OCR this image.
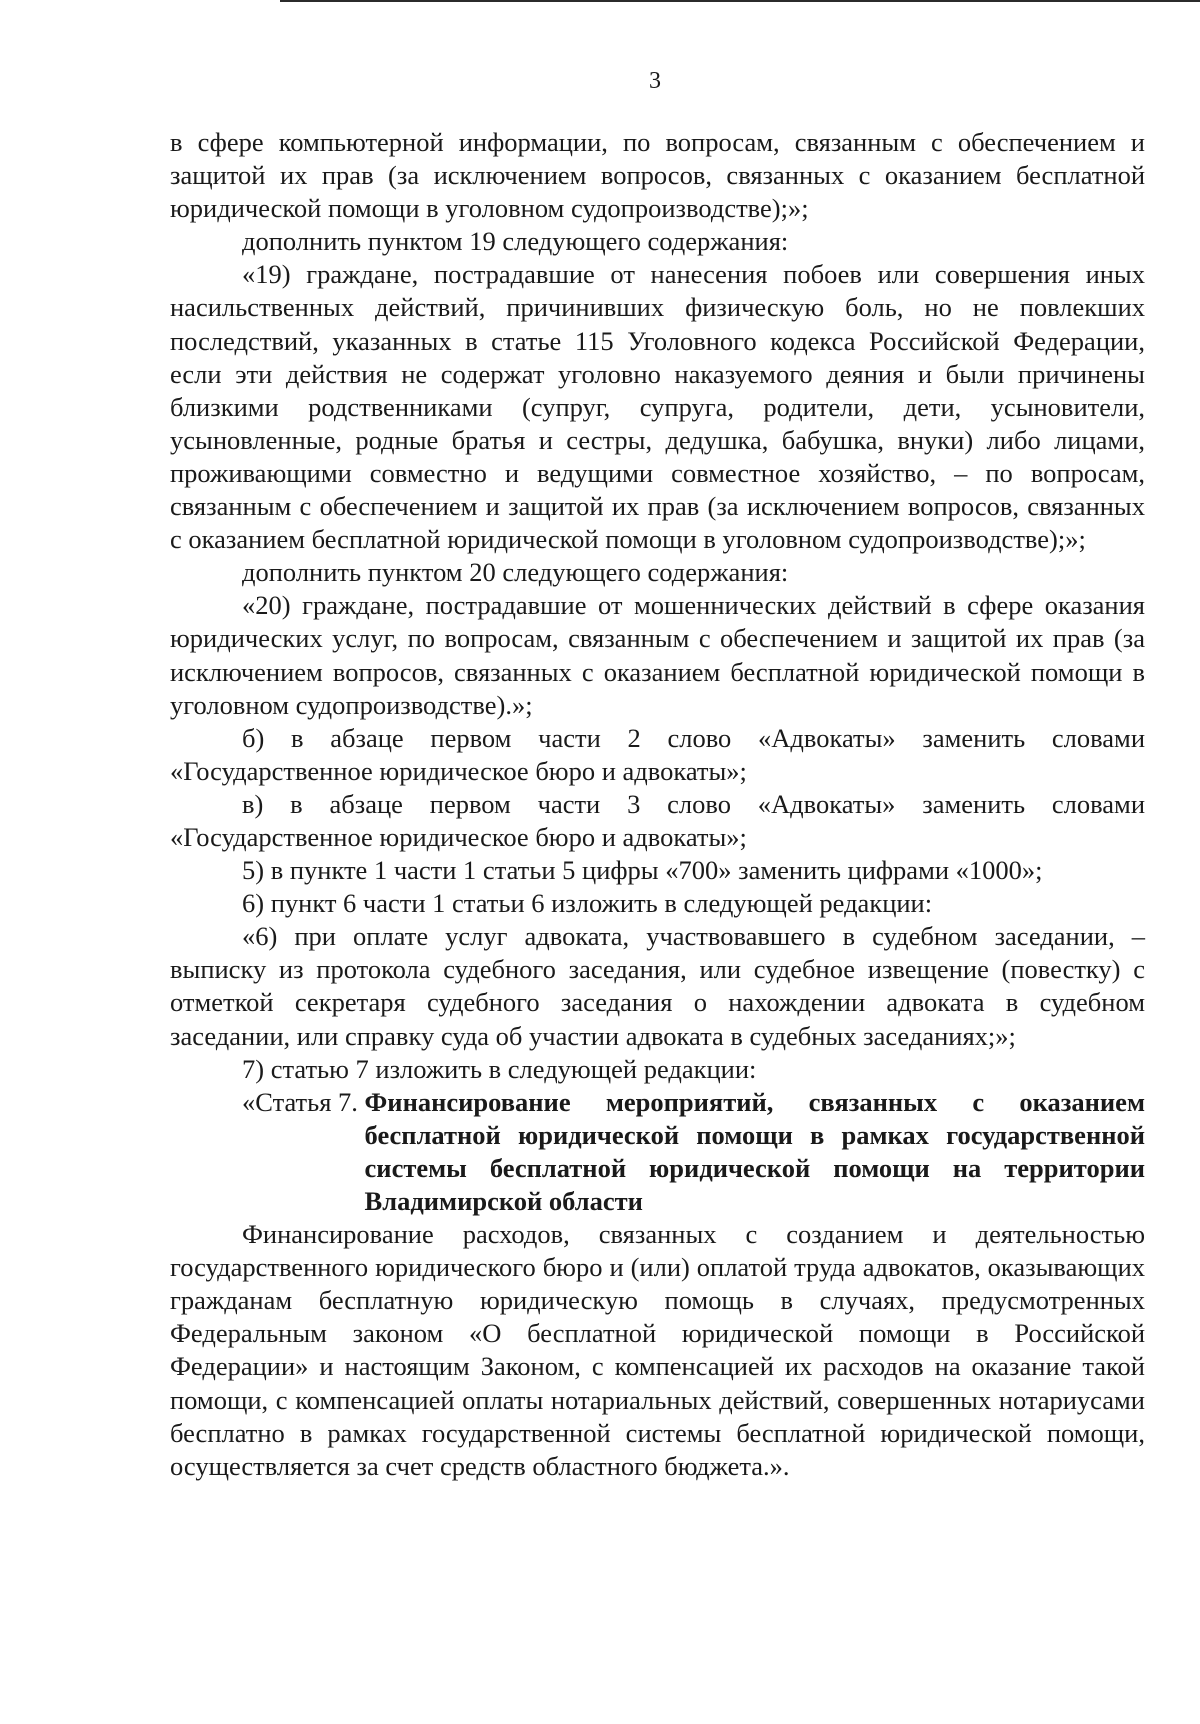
3

в сфере компьютерной информации, по вопросам, связанным с обеспечением и защитой их прав (за исключением вопросов, связанных с оказанием бесплатной юридической помощи в уголовном судопроизводстве);»;

дополнить пунктом 19 следующего содержания:

«19) граждане, пострадавшие от нанесения побоев или совершения иных насильственных действий, причинивших физическую боль, но не повлекших последствий, указанных в статье 115 Уголовного кодекса Российской Федерации, если эти действия не содержат уголовно наказуемого деяния и были причинены близкими родственниками (супруг, супруга, родители, дети, усыновители, усыновленные, родные братья и сестры, дедушка, бабушка, внуки) либо лицами, проживающими совместно и ведущими совместное хозяйство, – по вопросам, связанным с обеспечением и защитой их прав (за исключением вопросов, связанных с оказанием бесплатной юридической помощи в уголовном судопроизводстве);»;

дополнить пунктом 20 следующего содержания:

«20) граждане, пострадавшие от мошеннических действий в сфере оказания юридических услуг, по вопросам, связанным с обеспечением и защитой их прав (за исключением вопросов, связанных с оказанием бесплатной юридической помощи в уголовном судопроизводстве).»;

б) в абзаце первом части 2 слово «Адвокаты» заменить словами «Государственное юридическое бюро и адвокаты»;

в) в абзаце первом части 3 слово «Адвокаты» заменить словами «Государственное юридическое бюро и адвокаты»;

5) в пункте 1 части 1 статьи 5 цифры «700» заменить цифрами «1000»;

6) пункт 6 части 1 статьи 6 изложить в следующей редакции:

«6) при оплате услуг адвоката, участвовавшего в судебном заседании, – выписку из протокола судебного заседания, или судебное извещение (повестку) с отметкой секретаря судебного заседания о нахождении адвоката в судебном заседании, или справку суда об участии адвоката в судебных заседаниях;»;

7) статью 7 изложить в следующей редакции:

«Статья 7. Финансирование мероприятий, связанных с оказанием бесплатной юридической помощи в рамках государственной системы бесплатной юридической помощи на территории Владимирской области

Финансирование расходов, связанных с созданием и деятельностью государственного юридического бюро и (или) оплатой труда адвокатов, оказывающих гражданам бесплатную юридическую помощь в случаях, предусмотренных Федеральным законом «О бесплатной юридической помощи в Российской Федерации» и настоящим Законом, с компенсацией их расходов на оказание такой помощи, с компенсацией оплаты нотариальных действий, совершенных нотариусами бесплатно в рамках государственной системы бесплатной юридической помощи, осуществляется за счет средств областного бюджета.».
